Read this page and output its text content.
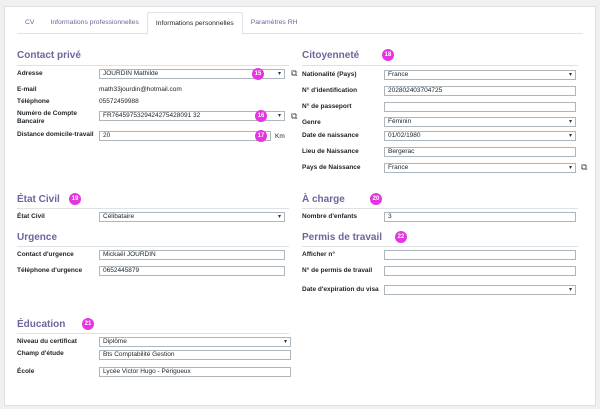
CV	Informations professionnelles	Informations personnelles	Paramètres RH
Contact privé
Adresse	JOURDIN Mathilde ▾	15	⧉
E-mail	math33jourdin@hotmail.com
Téléphone	05572459988
Numéro de Compte Bancaire
FR7645975329424275428091 32 ▾	16	⧉
Distance domicile-travail	20	17	Km
Citoyenneté	18
Nationalité (Pays)	France ▾
N° d'identification	202802403704725
N° de passeport
Genre	Féminin ▾
Date de naissance	01/02/1980 ▾
Lieu de Naissance	Bergerac
Pays de Naissance	France ▾	⧉
État Civil	19
État Civil	Célibataire ▾
À charge	20
Nombre d'enfants	3
Urgence
Contact d'urgence	Mickaël JOURDIN
Téléphone d'urgence	0652445879
Permis de travail	22
Afficher n°
N° de permis de travail
Date d'expiration du visa
▾
Éducation	21
Niveau du certificat	Diplôme ▾
Champ d'étude	Bts Comptabilité Gestion
École	Lycée Victor Hugo - Périgueux
